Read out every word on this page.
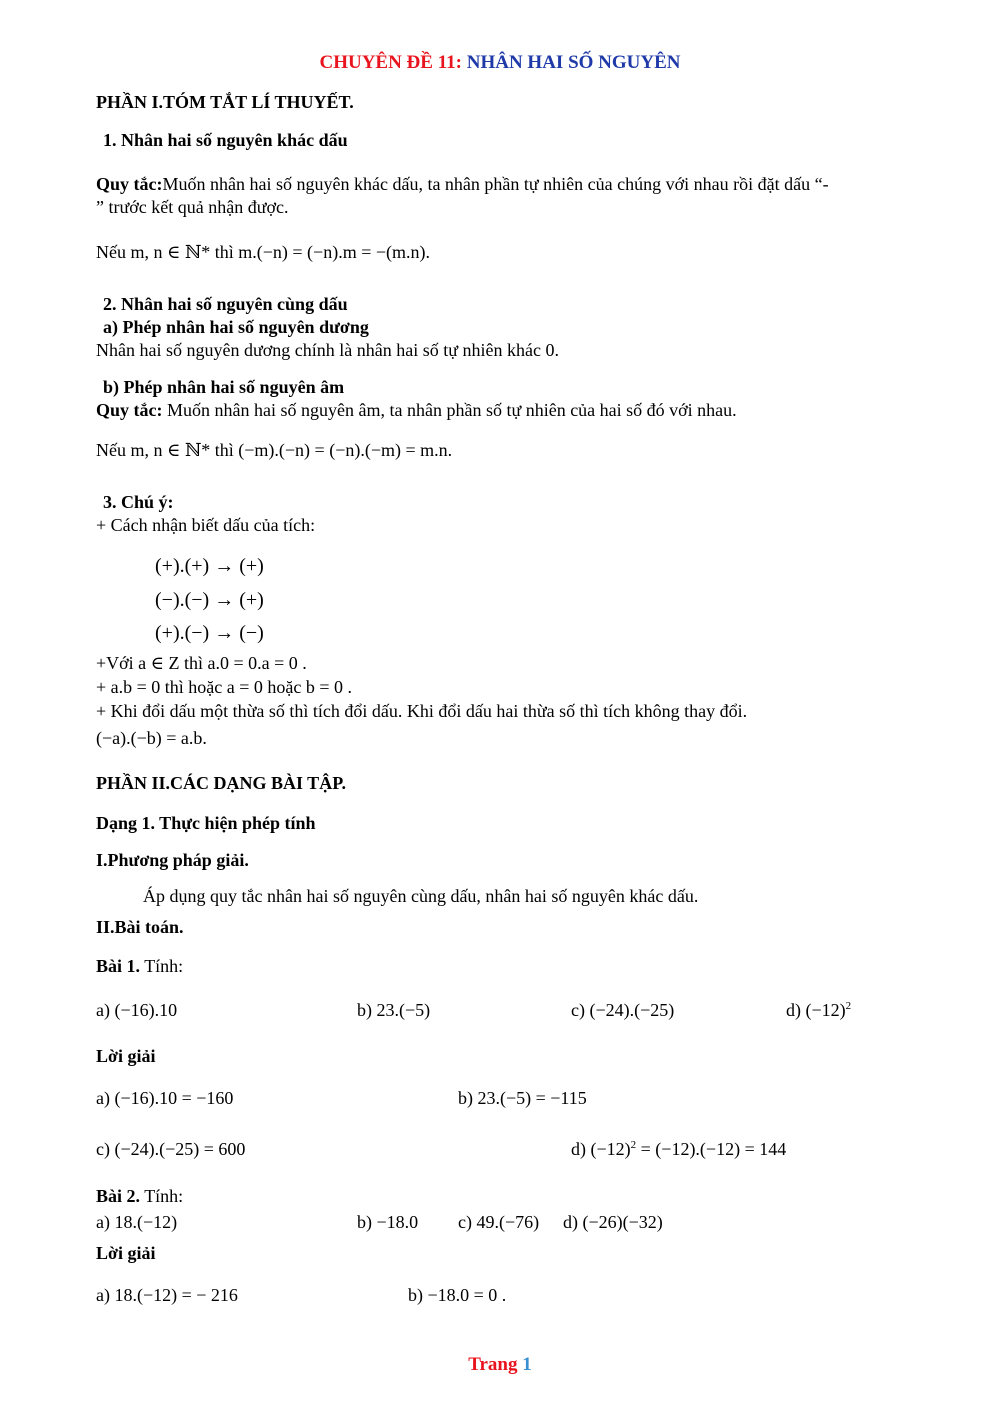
CHUYÊN ĐỀ 11: NHÂN HAI SỐ NGUYÊN
PHẦN I.TÓM TẮT LÍ THUYẾT.
1. Nhân hai số nguyên khác dấu
Quy tắc:Muốn nhân hai số nguyên khác dấu, ta nhân phần tự nhiên của chúng với nhau rồi đặt dấu “-
” trước kết quả nhận được.
Nếu m, n ∈ ℕ* thì m.(−n) = (−n).m = −(m.n).
2. Nhân hai số nguyên cùng dấu
a) Phép nhân hai số nguyên dương
Nhân hai số nguyên dương chính là nhân hai số tự nhiên khác 0.
b) Phép nhân hai số nguyên âm
Quy tắc: Muốn nhân hai số nguyên âm, ta nhân phần số tự nhiên của hai số đó với nhau.
Nếu m, n ∈ ℕ* thì (−m).(−n) = (−n).(−m) = m.n.
3. Chú ý:
+ Cách nhận biết dấu của tích:
(+).(+) → (+)
(−).(−) → (+)
(+).(−) → (−)
+Với a ∈ Z thì a.0 = 0.a = 0 .
+ a.b = 0 thì hoặc a = 0 hoặc b = 0 .
+ Khi đổi dấu một thừa số thì tích đổi dấu. Khi đổi dấu hai thừa số thì tích không thay đổi.
(−a).(−b) = a.b.
PHẦN II.CÁC DẠNG BÀI TẬP.
Dạng 1. Thực hiện phép tính
I.Phương pháp giải.
Áp dụng quy tắc nhân hai số nguyên cùng dấu, nhân hai số nguyên khác dấu.
II.Bài toán.
Bài 1. Tính:
a) (−16).10	b) 23.(−5)	c) (−24).(−25)	d) $(-12)^2$
Lời giải
a) (−16).10 = −160	b) 23.(−5) = −115
c) (−24).(−25) = 600	d) $(-12)^2 = (-12).(-12) = 144$
Bài 2. Tính:
a) 18.(−12)	b) −18.0 c) 49.(−76) d) (−26)(−32)
Lời giải
a) 18.(−12) = − 216	b) −18.0 = 0 .
Trang 1
